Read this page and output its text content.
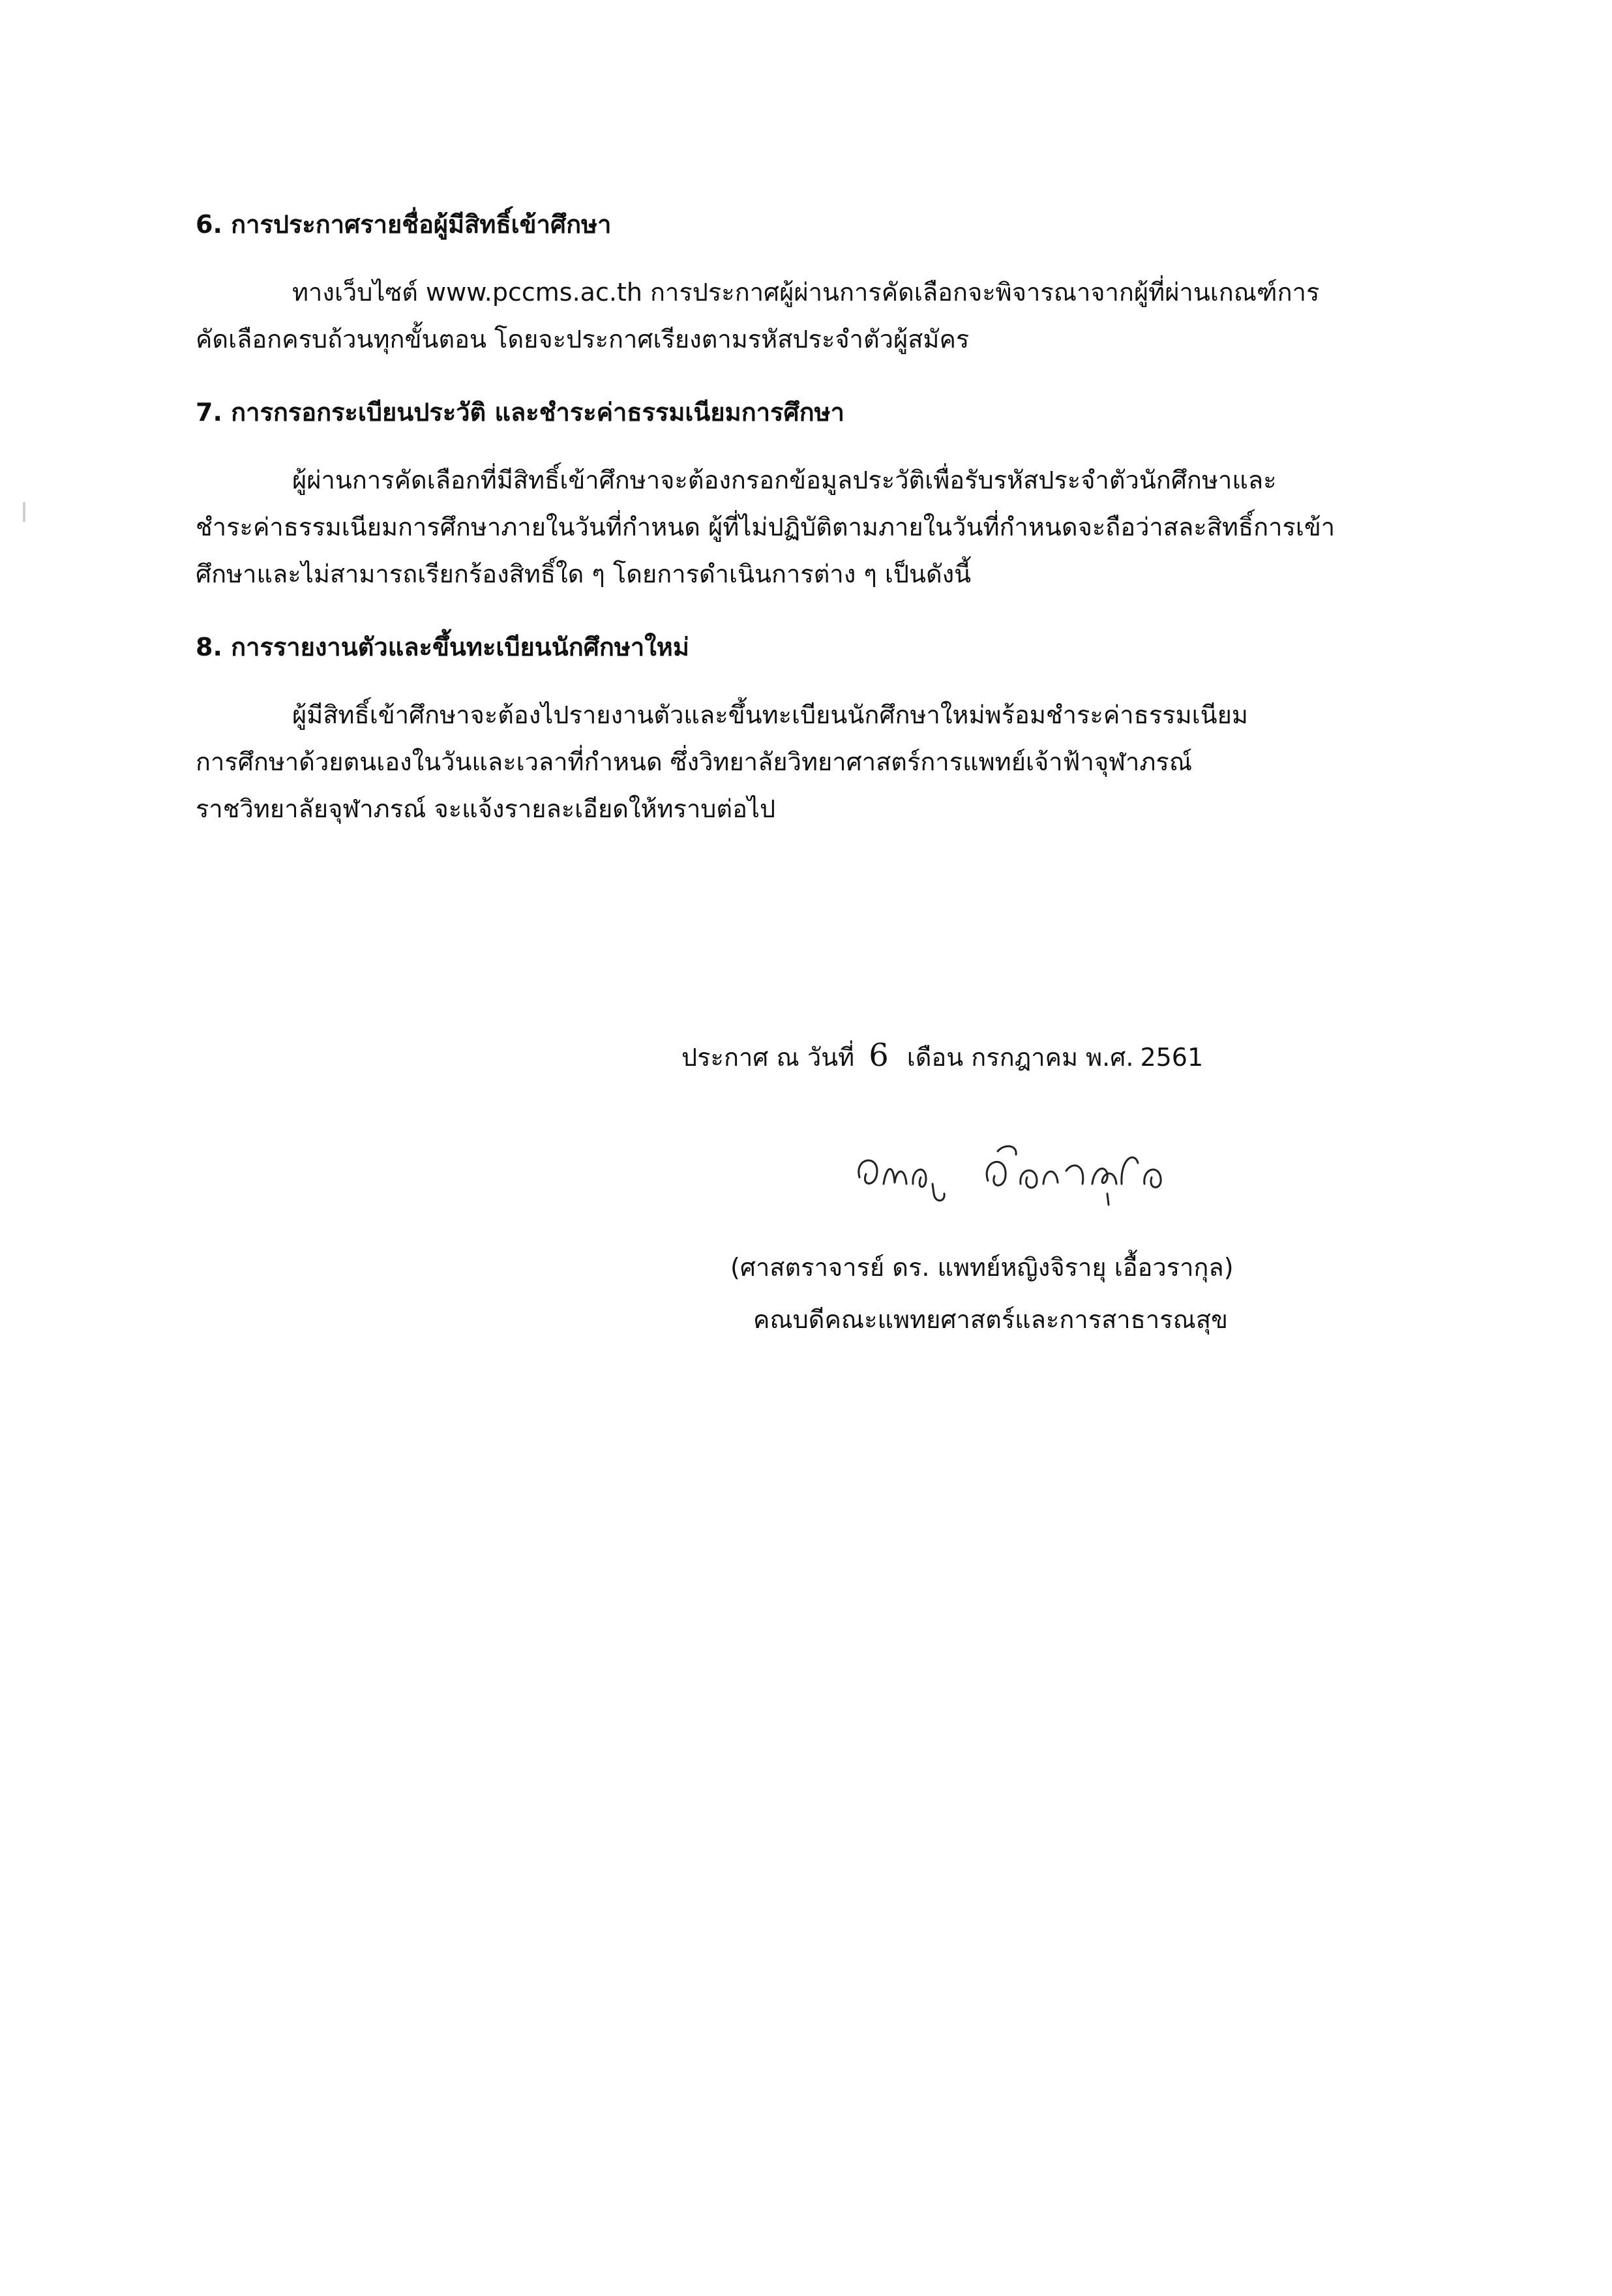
6. การประกาศรายชื่อผู้มีสิทธิ์เข้าศึกษา
ทางเว็บไซต์ www.pccms.ac.th การประกาศผู้ผ่านการคัดเลือกจะพิจารณาจากผู้ที่ผ่านเกณฑ์การ
คัดเลือกครบถ้วนทุกขั้นตอน โดยจะประกาศเรียงตามรหัสประจำตัวผู้สมัคร
7. การกรอกระเบียนประวัติ และชำระค่าธรรมเนียมการศึกษา
ผู้ผ่านการคัดเลือกที่มีสิทธิ์เข้าศึกษาจะต้องกรอกข้อมูลประวัติเพื่อรับรหัสประจำตัวนักศึกษาและ
ชำระค่าธรรมเนียมการศึกษาภายในวันที่กำหนด ผู้ที่ไม่ปฏิบัติตามภายในวันที่กำหนดจะถือว่าสละสิทธิ์การเข้า
ศึกษาและไม่สามารถเรียกร้องสิทธิ์ใด ๆ โดยการดำเนินการต่าง ๆ เป็นดังนี้
8. การรายงานตัวและขึ้นทะเบียนนักศึกษาใหม่
ผู้มีสิทธิ์เข้าศึกษาจะต้องไปรายงานตัวและขึ้นทะเบียนนักศึกษาใหม่พร้อมชำระค่าธรรมเนียม
การศึกษาด้วยตนเองในวันและเวลาที่กำหนด ซึ่งวิทยาลัยวิทยาศาสตร์การแพทย์เจ้าฟ้าจุฬาภรณ์
ราชวิทยาลัยจุฬาภรณ์ จะแจ้งรายละเอียดให้ทราบต่อไป
ประกาศ ณ วันที่ 6 เดือน กรกฎาคม พ.ศ. 2561
(ศาสตราจารย์ ดร. แพทย์หญิงจิรายุ เอื้อวรากุล)
คณบดีคณะแพทยศาสตร์และการสาธารณสุข
